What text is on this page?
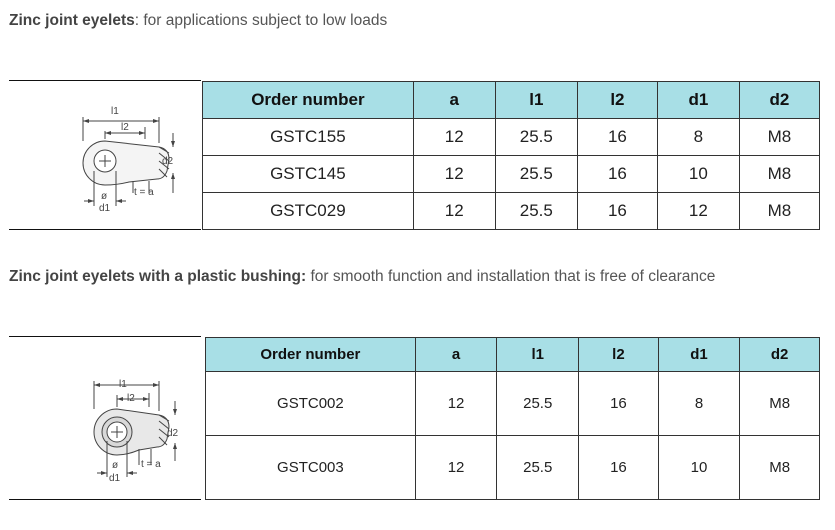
Zinc joint eyelets: for applications subject to low loads
l1
l2
d2
t = a
ø
d1
Order number	a	l1	l2	d1	d2
GSTC155	12	25.5	16	8	M8
GSTC145	12	25.5	16	10	M8
GSTC029	12	25.5	16	12	M8
Zinc joint eyelets with a plastic bushing: for smooth function and installation that is free of clearance
l1
l2
d2
t = a
ø
d1
Order number	a	l1	l2	d1	d2
GSTC002	12	25.5	16	8	M8
GSTC003	12	25.5	16	10	M8
